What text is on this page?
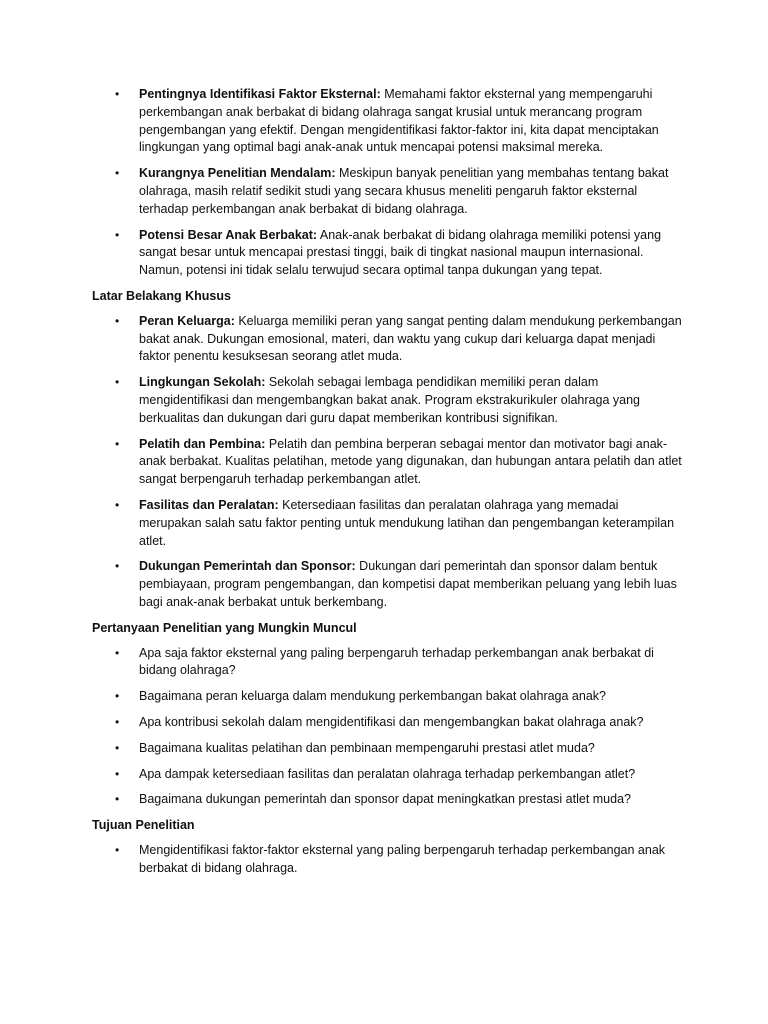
• Pentingnya Identifikasi Faktor Eksternal: Memahami faktor eksternal yang mempengaruhi perkembangan anak berbakat di bidang olahraga sangat krusial untuk merancang program pengembangan yang efektif. Dengan mengidentifikasi faktor-faktor ini, kita dapat menciptakan lingkungan yang optimal bagi anak-anak untuk mencapai potensi maksimal mereka.
• Kurangnya Penelitian Mendalam: Meskipun banyak penelitian yang membahas tentang bakat olahraga, masih relatif sedikit studi yang secara khusus meneliti pengaruh faktor eksternal terhadap perkembangan anak berbakat di bidang olahraga.
• Potensi Besar Anak Berbakat: Anak-anak berbakat di bidang olahraga memiliki potensi yang sangat besar untuk mencapai prestasi tinggi, baik di tingkat nasional maupun internasional. Namun, potensi ini tidak selalu terwujud secara optimal tanpa dukungan yang tepat.
Latar Belakang Khusus
• Peran Keluarga: Keluarga memiliki peran yang sangat penting dalam mendukung perkembangan bakat anak. Dukungan emosional, materi, dan waktu yang cukup dari keluarga dapat menjadi faktor penentu kesuksesan seorang atlet muda.
• Lingkungan Sekolah: Sekolah sebagai lembaga pendidikan memiliki peran dalam mengidentifikasi dan mengembangkan bakat anak. Program ekstrakurikuler olahraga yang berkualitas dan dukungan dari guru dapat memberikan kontribusi signifikan.
• Pelatih dan Pembina: Pelatih dan pembina berperan sebagai mentor dan motivator bagi anak-anak berbakat. Kualitas pelatihan, metode yang digunakan, dan hubungan antara pelatih dan atlet sangat berpengaruh terhadap perkembangan atlet.
• Fasilitas dan Peralatan: Ketersediaan fasilitas dan peralatan olahraga yang memadai merupakan salah satu faktor penting untuk mendukung latihan dan pengembangan keterampilan atlet.
• Dukungan Pemerintah dan Sponsor: Dukungan dari pemerintah dan sponsor dalam bentuk pembiayaan, program pengembangan, dan kompetisi dapat memberikan peluang yang lebih luas bagi anak-anak berbakat untuk berkembang.
Pertanyaan Penelitian yang Mungkin Muncul
• Apa saja faktor eksternal yang paling berpengaruh terhadap perkembangan anak berbakat di bidang olahraga?
• Bagaimana peran keluarga dalam mendukung perkembangan bakat olahraga anak?
• Apa kontribusi sekolah dalam mengidentifikasi dan mengembangkan bakat olahraga anak?
• Bagaimana kualitas pelatihan dan pembinaan mempengaruhi prestasi atlet muda?
• Apa dampak ketersediaan fasilitas dan peralatan olahraga terhadap perkembangan atlet?
• Bagaimana dukungan pemerintah dan sponsor dapat meningkatkan prestasi atlet muda?
Tujuan Penelitian
• Mengidentifikasi faktor-faktor eksternal yang paling berpengaruh terhadap perkembangan anak berbakat di bidang olahraga.
